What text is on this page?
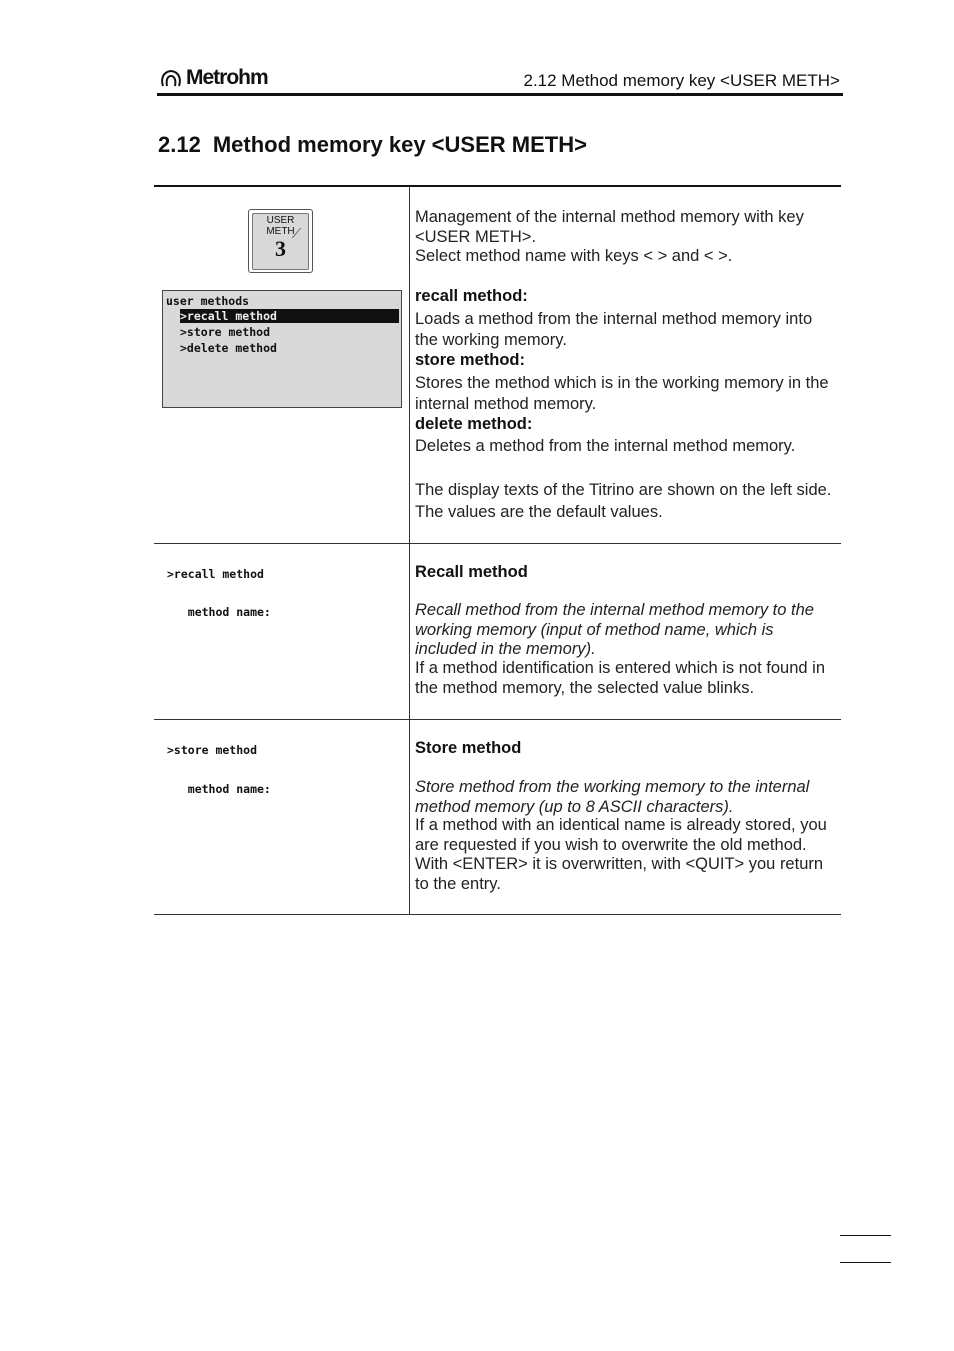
Metrohm	2.12 Method memory key <USER METH>
2.12 Method memory key <USER METH>
USER METH
3
user methods
>recall method
>store method
>delete method
Management of the internal method memory with key <USER METH>.
Select method name with keys < > and < >.
recall method:
Loads a method from the internal method memory into the working memory.
store method:
Stores the method which is in the working memory in the internal method memory.
delete method:
Deletes a method from the internal method memory.
The display texts of the Titrino are shown on the left side. The values are the default values.
>recall method
method name:
Recall method
Recall method from the internal method memory to the working memory (input of method name, which is included in the memory).
If a method identification is entered which is not found in the method memory, the selected value blinks.
>store method
method name:
Store method
Store method from the working memory to the internal method memory (up to 8 ASCII characters).
If a method with an identical name is already stored, you are requested if you wish to overwrite the old method. With <ENTER> it is overwritten, with <QUIT> you return to the entry.
